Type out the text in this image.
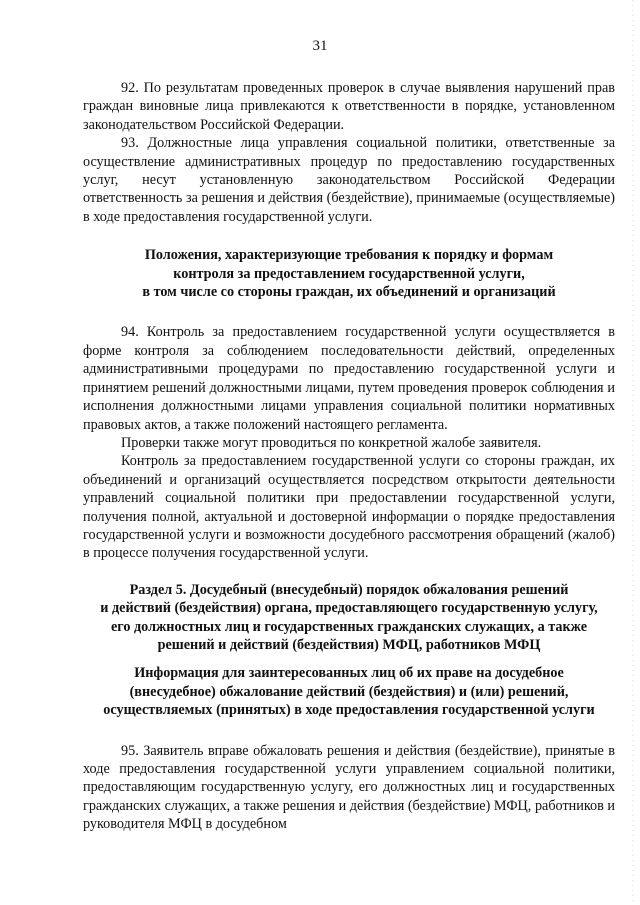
31

92. По результатам проведенных проверок в случае выявления нарушений прав граждан виновные лица привлекаются к ответственности в порядке, установленном законодательством Российской Федерации.

93. Должностные лица управления социальной политики, ответственные за осуществление административных процедур по предоставлению государственных услуг, несут установленную законодательством Российской Федерации ответственность за решения и действия (бездействие), принимаемые (осуществляемые) в ходе предоставления государственной услуги.

Положения, характеризующие требования к порядку и формам
контроля за предоставлением государственной услуги,
в том числе со стороны граждан, их объединений и организаций

94. Контроль за предоставлением государственной услуги осуществляется в форме контроля за соблюдением последовательности действий, определенных административными процедурами по предоставлению государственной услуги и принятием решений должностными лицами, путем проведения проверок соблюдения и исполнения должностными лицами управления социальной политики нормативных правовых актов, а также положений настоящего регламента.

Проверки также могут проводиться по конкретной жалобе заявителя.

Контроль за предоставлением государственной услуги со стороны граждан, их объединений и организаций осуществляется посредством открытости деятельности управлений социальной политики при предоставлении государственной услуги, получения полной, актуальной и достоверной информации о порядке предоставления государственной услуги и возможности досудебного рассмотрения обращений (жалоб) в процессе получения государственной услуги.

Раздел 5. Досудебный (внесудебный) порядок обжалования решений
и действий (бездействия) органа, предоставляющего государственную услугу,
его должностных лиц и государственных гражданских служащих, а также
решений и действий (бездействия) МФЦ, работников МФЦ
Информация для заинтересованных лиц об их праве на досудебное
(внесудебное) обжалование действий (бездействия) и (или) решений,
осуществляемых (принятых) в ходе предоставления государственной услуги

95. Заявитель вправе обжаловать решения и действия (бездействие), принятые в ходе предоставления государственной услуги управлением социальной политики, предоставляющим государственную услугу, его должностных лиц и государственных гражданских служащих, а также решения и действия (бездействие) МФЦ, работников и руководителя МФЦ в досудебном
